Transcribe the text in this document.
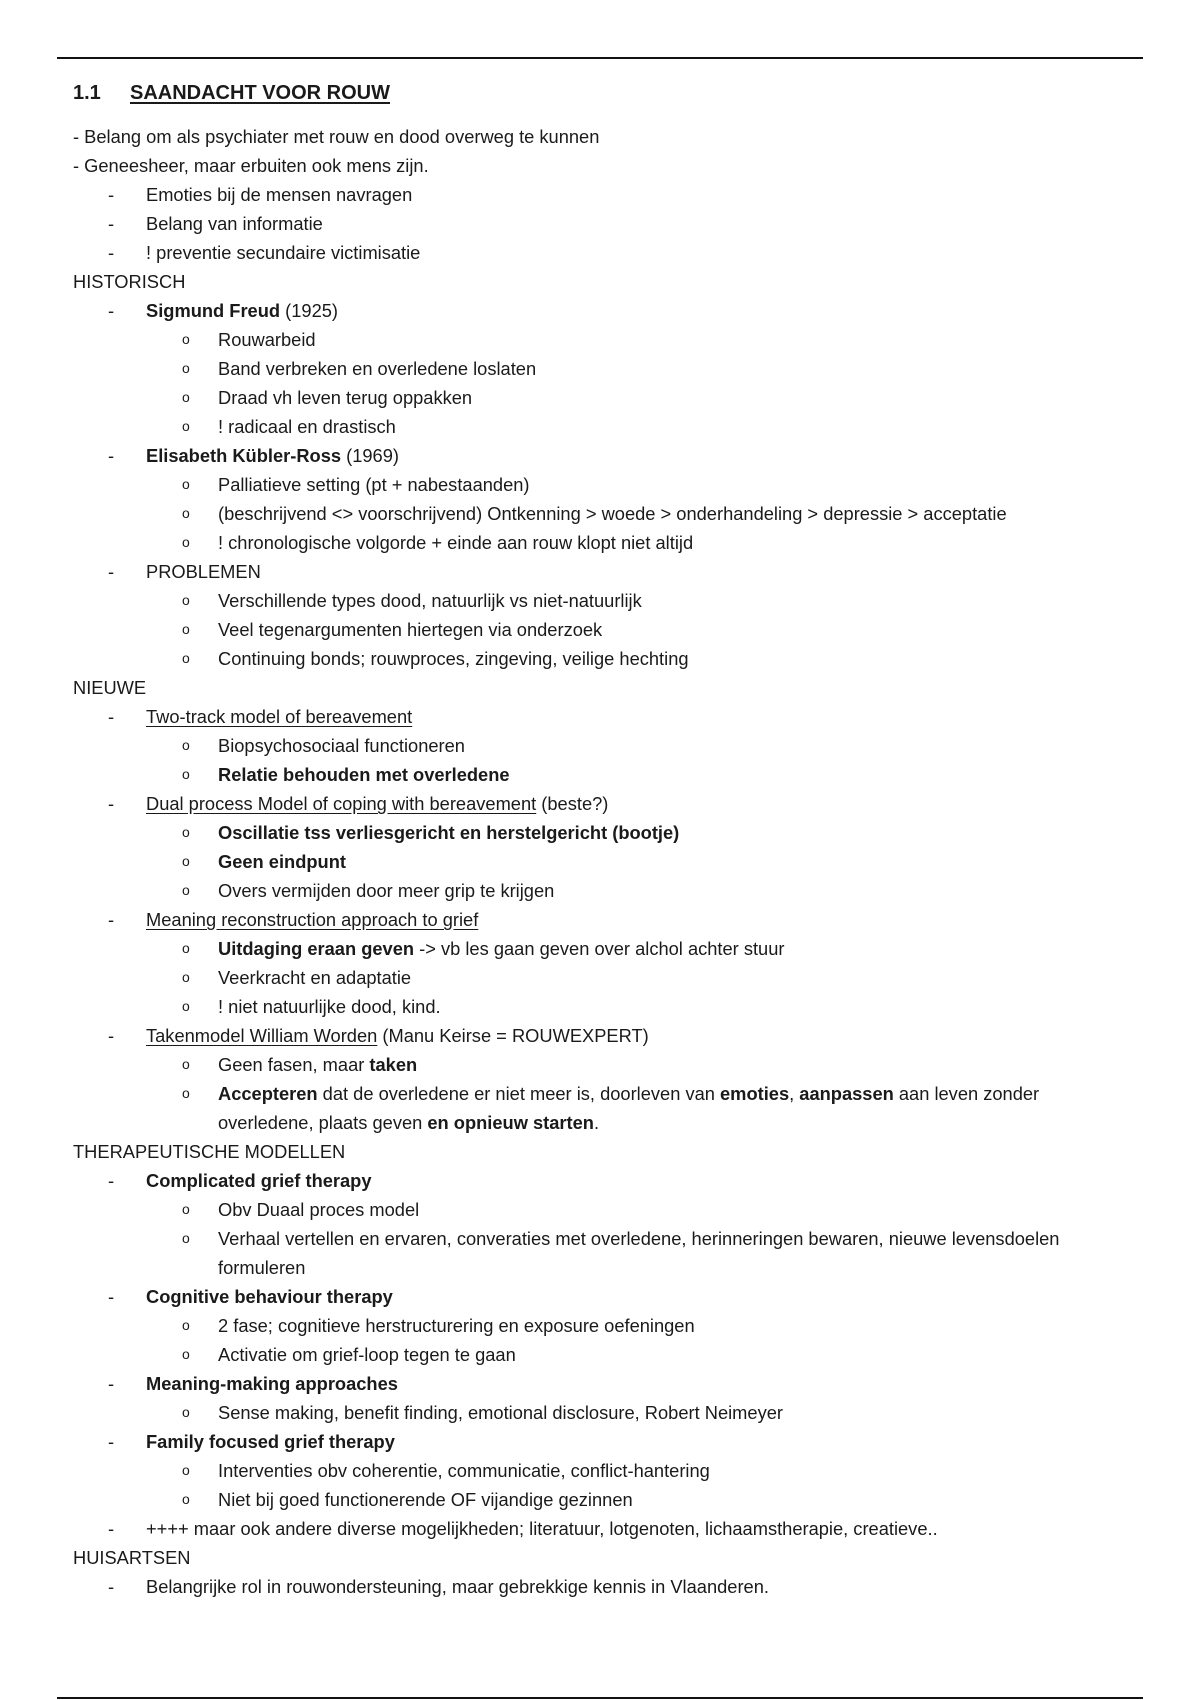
1.1	SAANDACHT VOOR ROUW
- Belang om als psychiater met rouw en dood overweg te kunnen
- Geneesheer, maar erbuiten ook mens zijn.
- Emoties bij de mensen navragen
- Belang van informatie
- ! preventie secundaire victimisatie
HISTORISCH
- Sigmund Freud (1925)
o Rouwarbeid
o Band verbreken en overledene loslaten
o Draad vh leven terug oppakken
o ! radicaal en drastisch
- Elisabeth Kübler-Ross (1969)
o Palliatieve setting (pt + nabestaanden)
o (beschrijvend <> voorschrijvend) Ontkenning > woede > onderhandeling > depressie > acceptatie
o ! chronologische volgorde + einde aan rouw klopt niet altijd
- PROBLEMEN
o Verschillende types dood, natuurlijk vs niet-natuurlijk
o Veel tegenargumenten hiertegen via onderzoek
o Continuing bonds; rouwproces, zingeving, veilige hechting
NIEUWE
- Two-track model of bereavement
o Biopsychosociaal functioneren
o Relatie behouden met overledene
- Dual process Model of coping with bereavement (beste?)
o Oscillatie tss verliesgericht en herstelgericht (bootje)
o Geen eindpunt
o Overs vermijden door meer grip te krijgen
- Meaning reconstruction approach to grief
o Uitdaging eraan geven -> vb les gaan geven over alchol achter stuur
o Veerkracht en adaptatie
o ! niet natuurlijke dood, kind.
- Takenmodel William Worden (Manu Keirse = ROUWEXPERT)
o Geen fasen, maar taken
o Accepteren dat de overledene er niet meer is, doorleven van emoties, aanpassen aan leven zonder overledene, plaats geven en opnieuw starten.
THERAPEUTISCHE MODELLEN
- Complicated grief therapy
o Obv Duaal proces model
o Verhaal vertellen en ervaren, converaties met overledene, herinneringen bewaren, nieuwe levensdoelen formuleren
- Cognitive behaviour therapy
o 2 fase; cognitieve herstructurering en exposure oefeningen
o Activatie om grief-loop tegen te gaan
- Meaning-making approaches
o Sense making, benefit finding, emotional disclosure, Robert Neimeyer
- Family focused grief therapy
o Interventies obv coherentie, communicatie, conflict-hantering
o Niet bij goed functionerende OF vijandige gezinnen
- ++++ maar ook andere diverse mogelijkheden; literatuur, lotgenoten, lichaamstherapie, creatieve..
HUISARTSEN
- Belangrijke rol in rouwondersteuning, maar gebrekkige kennis in Vlaanderen.
